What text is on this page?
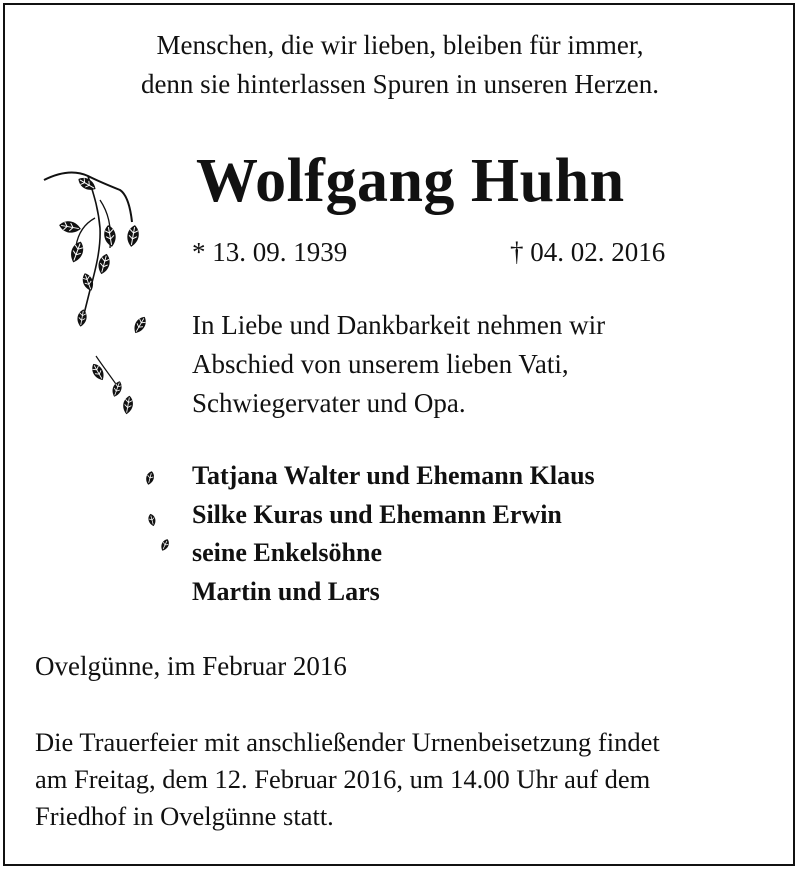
Menschen, die wir lieben, bleiben für immer,
denn sie hinterlassen Spuren in unseren Herzen.
Wolfgang Huhn
* 13. 09. 1939	† 04. 02. 2016
In Liebe und Dankbarkeit nehmen wir
Abschied von unserem lieben Vati,
Schwiegervater und Opa.
Tatjana Walter und Ehemann Klaus
Silke Kuras und Ehemann Erwin
seine Enkelsöhne
Martin und Lars
Ovelgünne, im Februar 2016
Die Trauerfeier mit anschließender Urnenbeisetzung findet
am Freitag, dem 12. Februar 2016, um 14.00 Uhr auf dem
Friedhof in Ovelgünne statt.
